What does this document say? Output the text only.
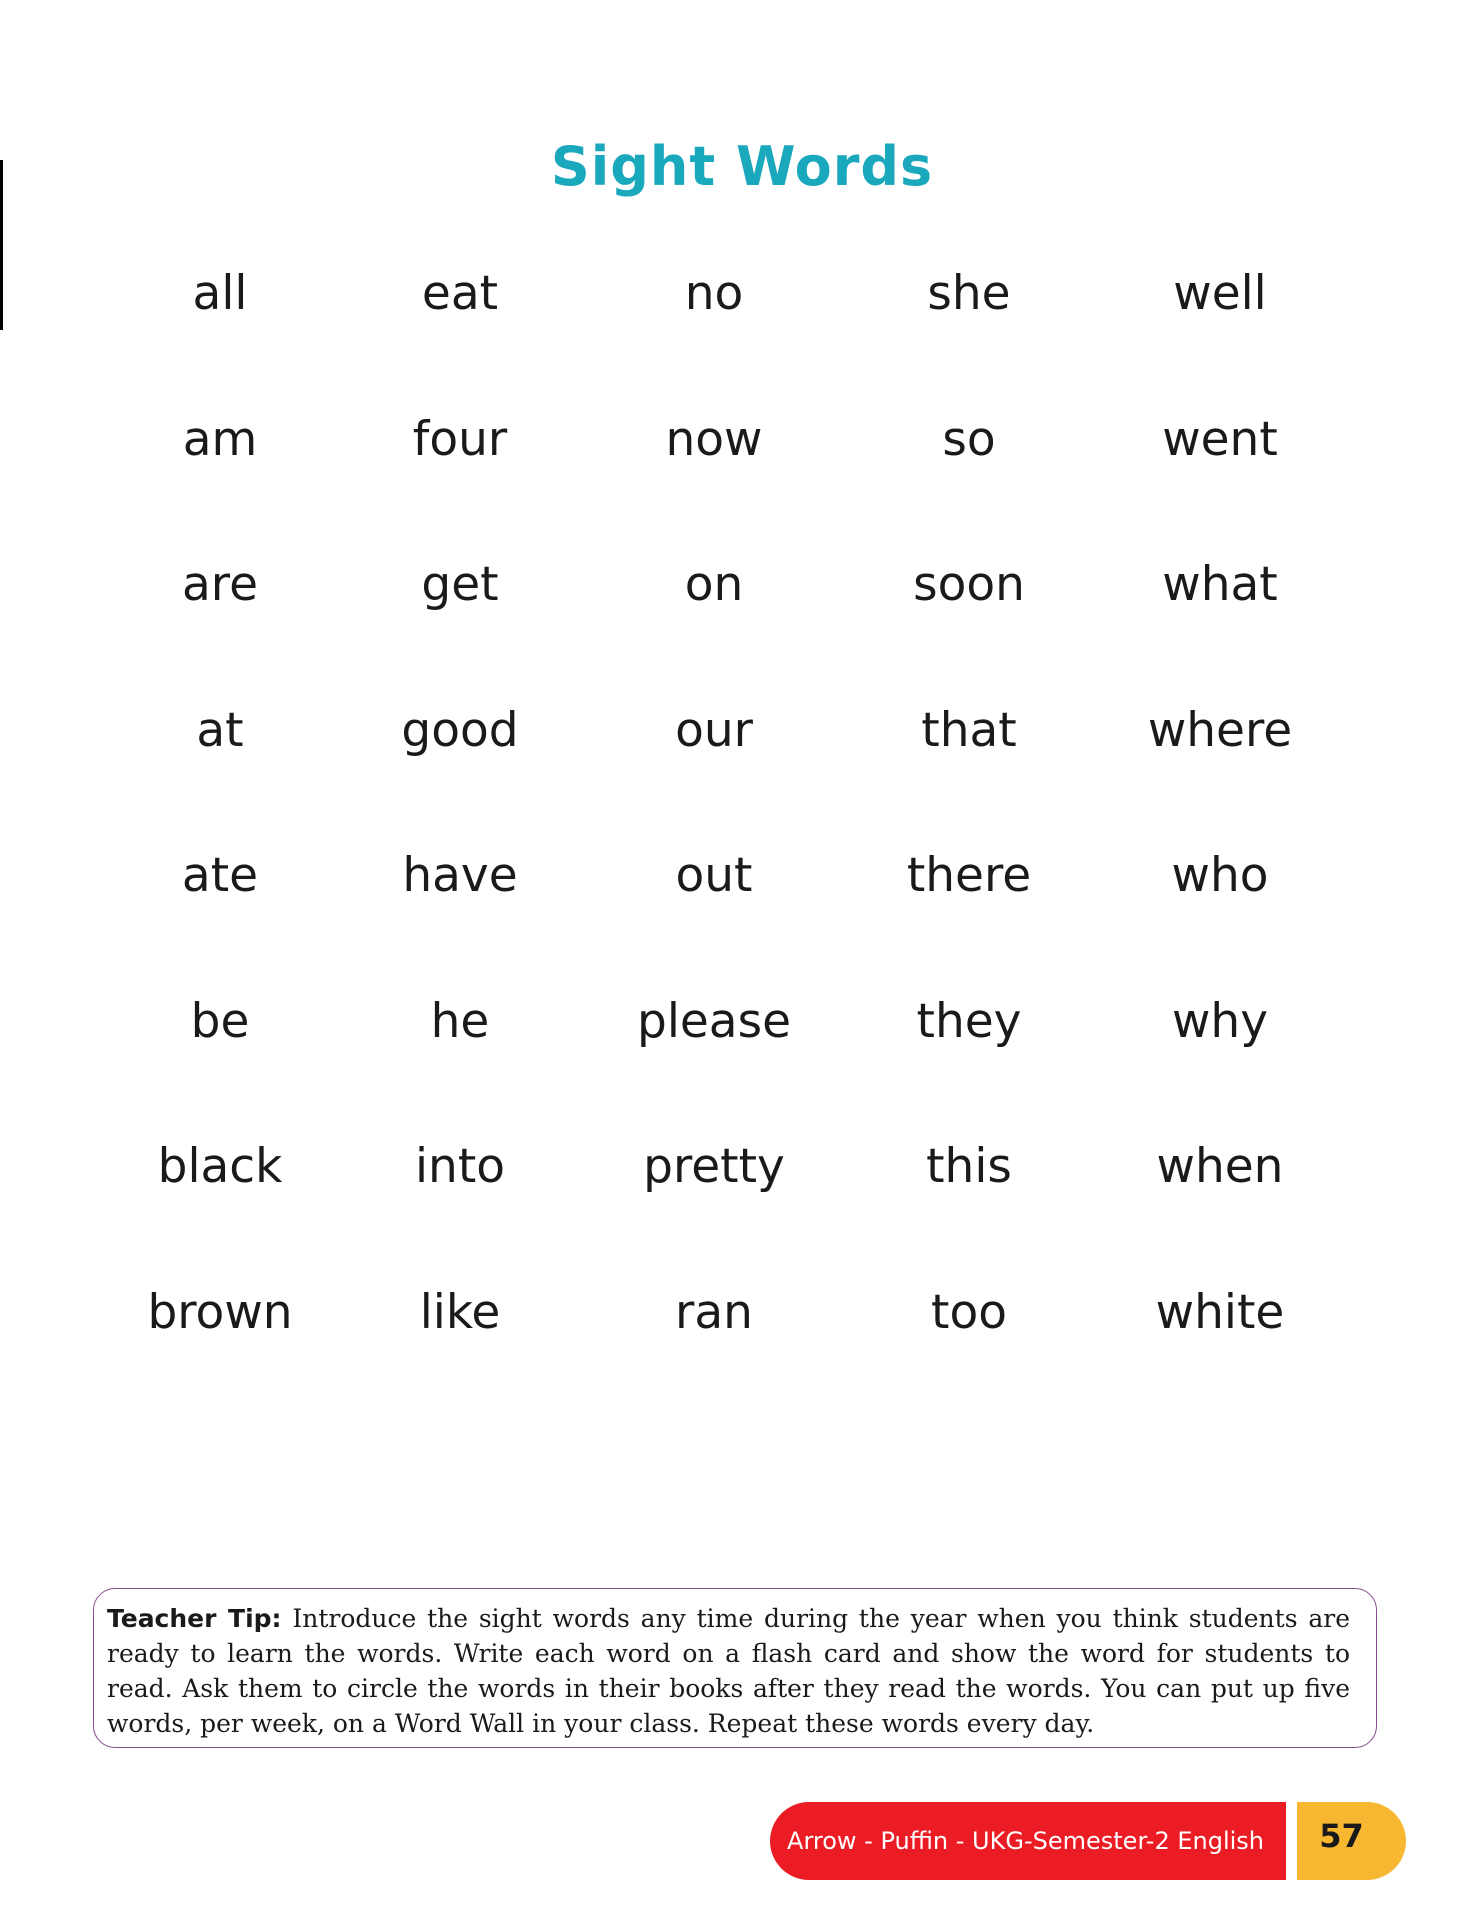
Sight Words
all	eat	no	she	well
am	four	now	so	went
are	get	on	soon	what
at	good	our	that	where
ate	have	out	there	who
be	he	please	they	why
black	into	pretty	this	when
brown	like	ran	too	white
Teacher Tip: Introduce the sight words any time during the year when you think students are ready to learn the words. Write each word on a flash card and show the word for students to read. Ask them to circle the words in their books after they read the words. You can put up five words, per week, on a Word Wall in your class. Repeat these words every day.
Arrow - Puffin - UKG-Semester-2 English	57
